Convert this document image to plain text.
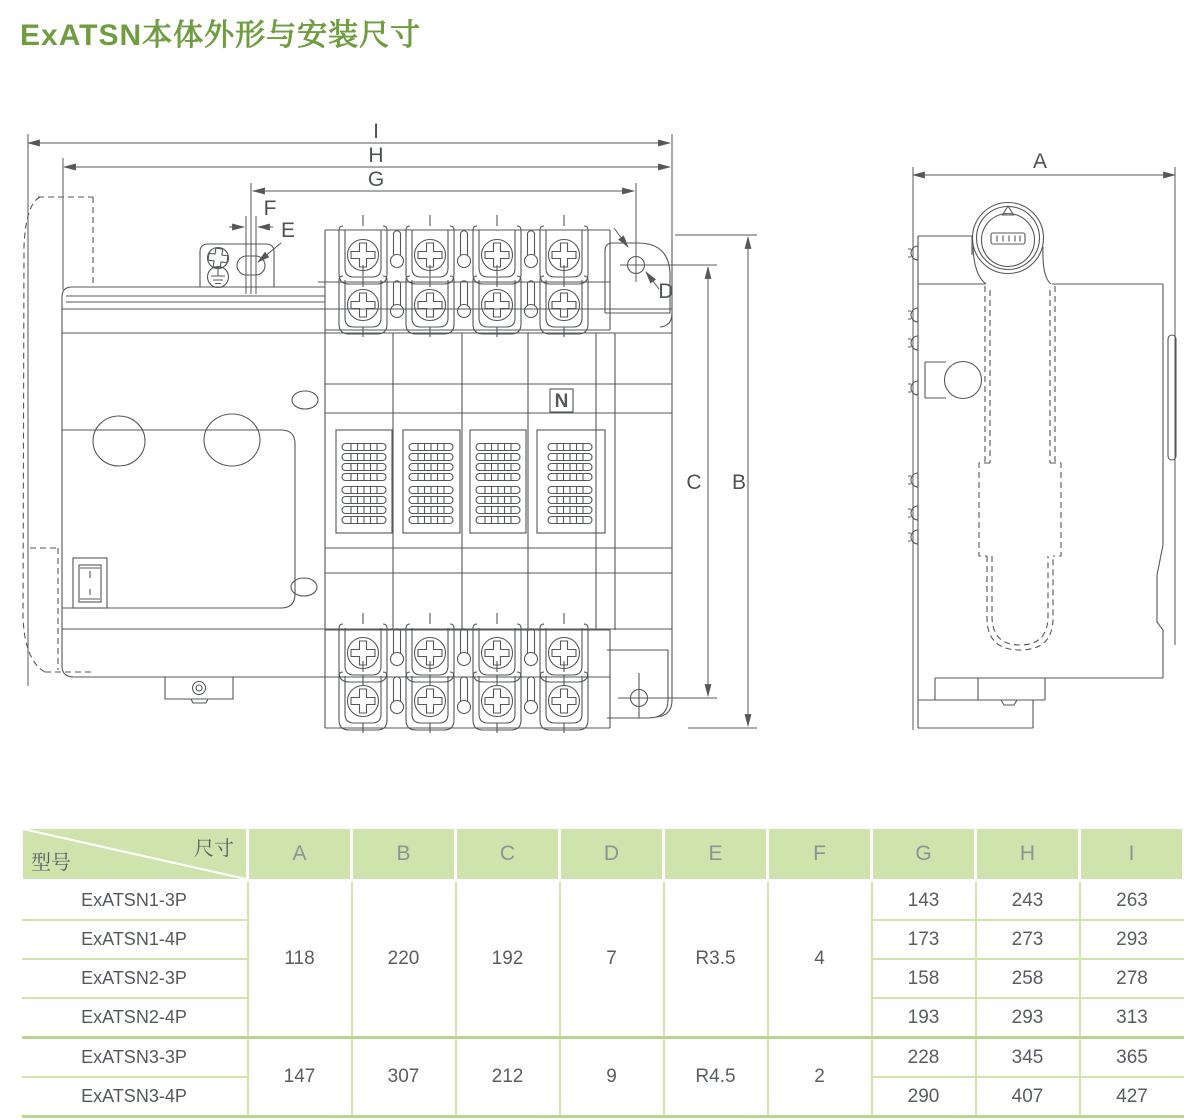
ExATSN本体外形与安装尺寸
I
H
G
F
E
D
C B
N
A
尺寸
型号	A	B	C	D	E	F	G	H	I
ExATSN1-3P	118	220	192	7	R3.5	4	143	243	263
ExATSN1-4P							173	273	293
ExATSN2-3P							158	258	278
ExATSN2-4P							193	293	313
ExATSN3-3P	147	307	212	9	R4.5	2	228	345	365
ExATSN3-4P							290	407	427
